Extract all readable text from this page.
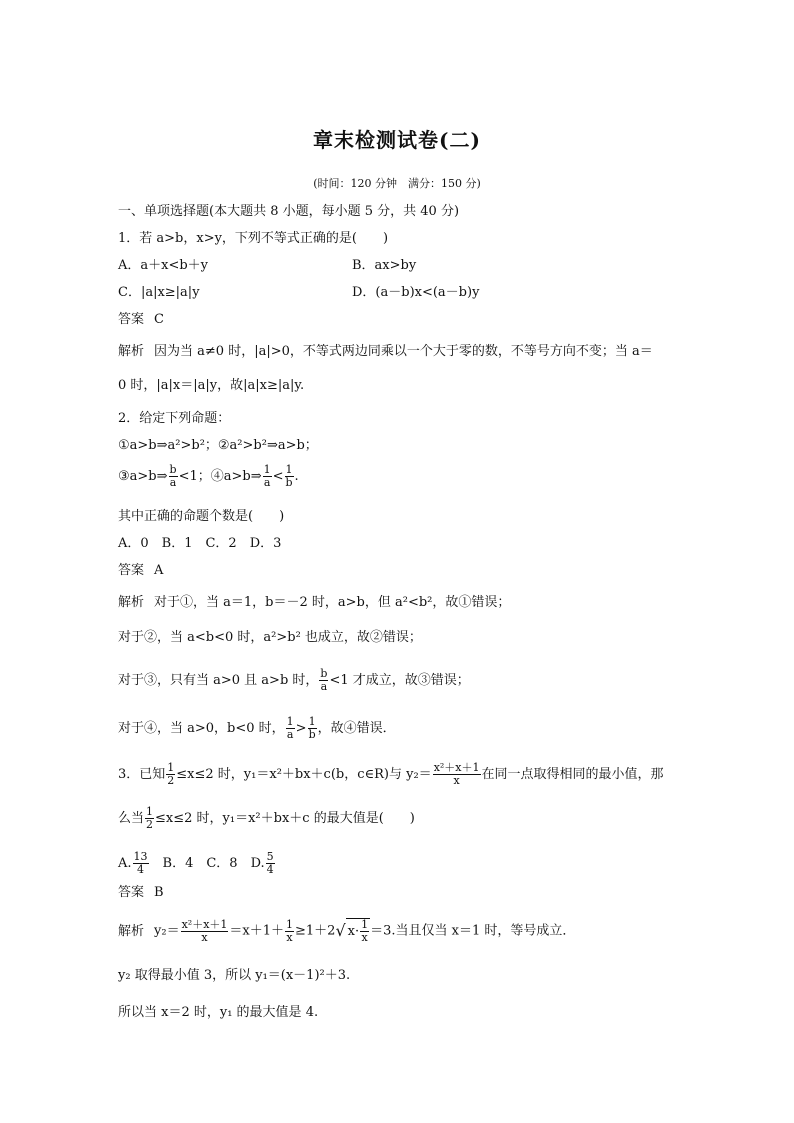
章末检测试卷(二)
(时间：120 分钟　满分：150 分)
一、单项选择题(本大题共 8 小题，每小题 5 分，共 40 分)
1．若 a>b，x>y，下列不等式正确的是(　　)
A．a＋x<b＋y	B．ax>by
C．|a|x≥|a|y	D．(a－b)x<(a－b)y
答案 C
解析 因为当 a≠0 时，|a|>0，不等式两边同乘以一个大于零的数，不等号方向不变；当 a＝
0 时，|a|x＝|a|y，故|a|x≥|a|y.
2．给定下列命题：
①a>b⇒a²>b²；②a²>b²⇒a>b；
③a>b⇒ $\frac{b}{a} <1$；④a>b⇒ $\frac{1}{a} < \frac{1}{b}$ .
其中正确的命题个数是(　　)
A．0　B．1　C．2　D．3
答案 A
解析 对于①，当 a＝1，b＝－2 时，a>b，但 a²<b²，故①错误；
对于②，当 a<b<0 时，a²>b² 也成立，故②错误；
对于③，只有当 a>0 且 a>b 时， $\frac{b}{a} <1$ 才成立，故③错误；
对于④，当 a>0，b<0 时， $\frac{1}{a} > \frac{1}{b}$ ，故④错误．
3．已知 $\frac{1}{2} \le x\le 2$ 时，y₁＝x²＋bx＋c(b，c∈R)与 $y_2= \frac{\text{x²＋x＋1}}{x}$ 在同一点取得相同的最小值，那
么当 $\frac{1}{2} \le x\le 2$ 时，y₁＝x²＋bx＋c 的最大值是(　　)
A. $\frac{13}{4}$ 　B．4　C．8　D. $\frac{5}{4}$
答案 B
解析 $y_2= \frac{\text{x²＋x＋1}}{x} =x+1+ \frac{1}{x} \ge 1+2√$ $x\cdot \frac{1}{x} =3$.当且仅当 x＝1 时，等号成立．
y₂ 取得最小值 3，所以 y₁＝(x－1)²＋3.
所以当 x＝2 时，y₁ 的最大值是 4.
